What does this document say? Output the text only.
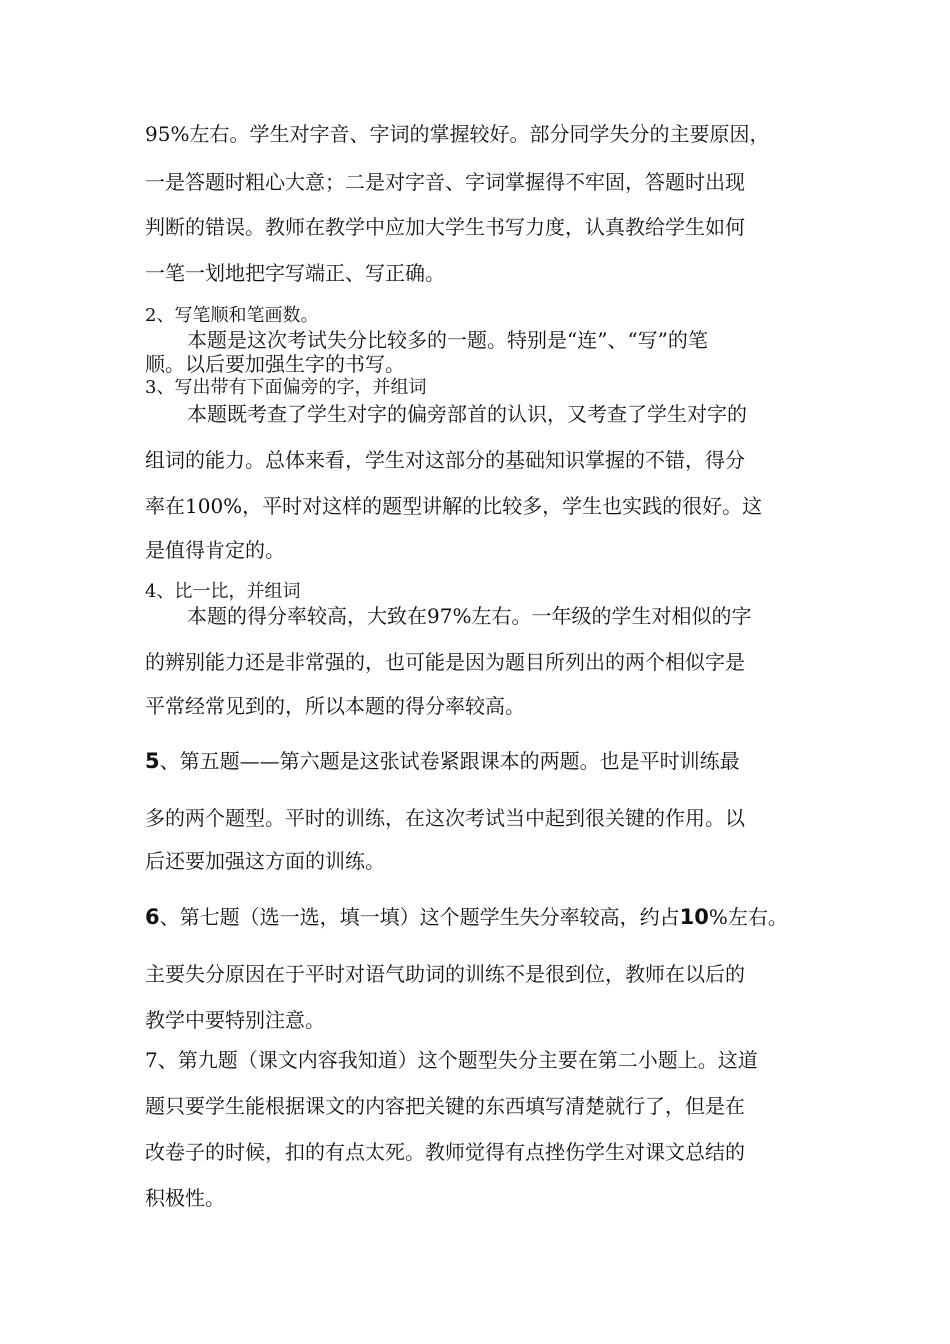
95%左右。学生对字音、字词的掌握较好。部分同学失分的主要原因，
一是答题时粗心大意；二是对字音、字词掌握得不牢固，答题时出现
判断的错误。教师在教学中应加大学生书写力度，认真教给学生如何
一笔一划地把字写端正、写正确。
2、写笔顺和笔画数。
本题是这次考试失分比较多的一题。特别是“连”、“写”的笔
顺。以后要加强生字的书写。
3、写出带有下面偏旁的字，并组词
本题既考查了学生对字的偏旁部首的认识，又考查了学生对字的
组词的能力。总体来看，学生对这部分的基础知识掌握的不错，得分
率在100%，平时对这样的题型讲解的比较多，学生也实践的很好。这
是值得肯定的。
4、比一比，并组词
本题的得分率较高，大致在97%左右。一年级的学生对相似的字
的辨别能力还是非常强的，也可能是因为题目所列出的两个相似字是
平常经常见到的，所以本题的得分率较高。
5、第五题——第六题是这张试卷紧跟课本的两题。也是平时训练最
多的两个题型。平时的训练，在这次考试当中起到很关键的作用。以
后还要加强这方面的训练。
6、第七题（选一选，填一填）这个题学生失分率较高，约占10%左右。
主要失分原因在于平时对语气助词的训练不是很到位，教师在以后的
教学中要特别注意。
7、第九题（课文内容我知道）这个题型失分主要在第二小题上。这道
题只要学生能根据课文的内容把关键的东西填写清楚就行了，但是在
改卷子的时候，扣的有点太死。教师觉得有点挫伤学生对课文总结的
积极性。
